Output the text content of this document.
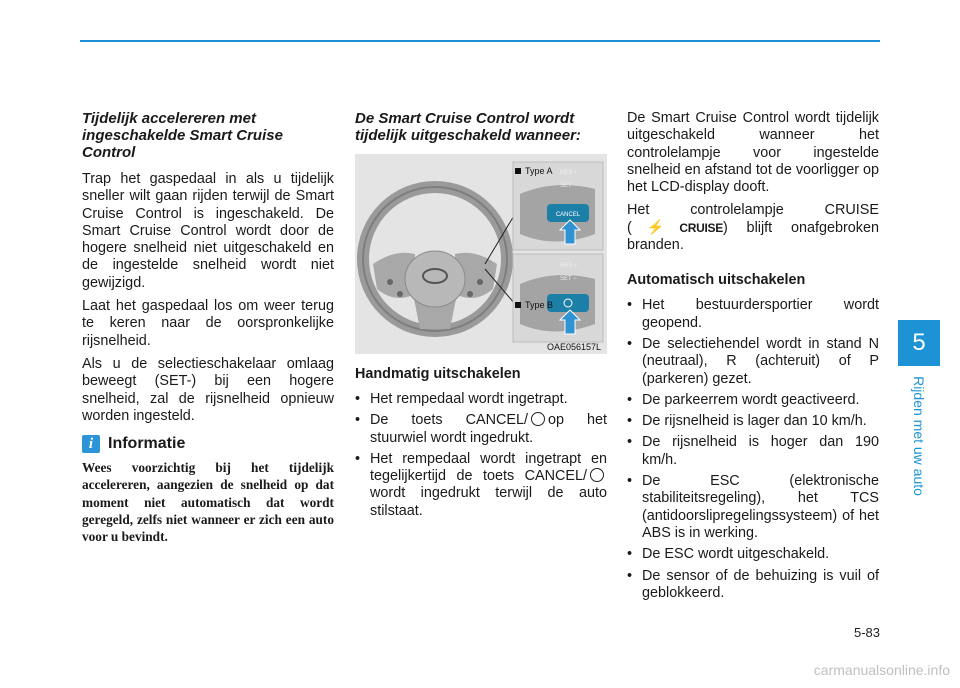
Tijdelijk accelereren met ingeschakelde Smart Cruise Control

Trap het gaspedaal in als u tijdelijk sneller wilt gaan rijden terwijl de Smart Cruise Control is ingeschakeld. De Smart Cruise Control wordt door de hogere snelheid niet uitgeschakeld en de ingestelde snelheid wordt niet gewijzigd.

Laat het gaspedaal los om weer terug te keren naar de oorspronkelijke rijsnelheid.

Als u de selectieschakelaar omlaag beweegt (SET-) bij een hogere snelheid, zal de rijsnelheid opnieuw worden ingesteld.

i Informatie

Wees voorzichtig bij het tijdelijk accelereren, aangezien de snelheid op dat moment niet automatisch dat wordt geregeld, zelfs niet wanneer er zich een auto voor u bevindt.

De Smart Cruise Control wordt tijdelijk uitgeschakeld wanneer:
CANCEL
SET −
RES +
Type A
SET −
RES +
Type B
OAE056157L
Handmatig uitschakelen
• Het rempedaal wordt ingetrapt.
• De toets CANCEL/ op het stuurwiel wordt ingedrukt.
• Het rempedaal wordt ingetrapt en tegelijkertijd de toets CANCEL/wordt ingedrukt terwijl de auto stilstaat.

De Smart Cruise Control wordt tijdelijk uitgeschakeld wanneer het controlelampje voor ingestelde snelheid en afstand tot de voorligger op het LCD-display dooft.

Het controlelampje CRUISE (⚡CRUISE) blijft onafgebroken branden.

Automatisch uitschakelen
• Het bestuurdersportier wordt geopend.
• De selectiehendel wordt in stand N (neutraal), R (achteruit) of P (parkeren) gezet.
• De parkeerrem wordt geactiveerd.
• De rijsnelheid is lager dan 10 km/h.
• De rijsnelheid is hoger dan 190 km/h.
• De ESC (elektronische stabiliteitsregeling), het TCS (antidoorslipregelingssysteem) of het ABS is in werking.
• De ESC wordt uitgeschakeld.
• De sensor of de behuizing is vuil of geblokkeerd.
5
Rijden met uw auto
5-83
carmanualsonline.info
